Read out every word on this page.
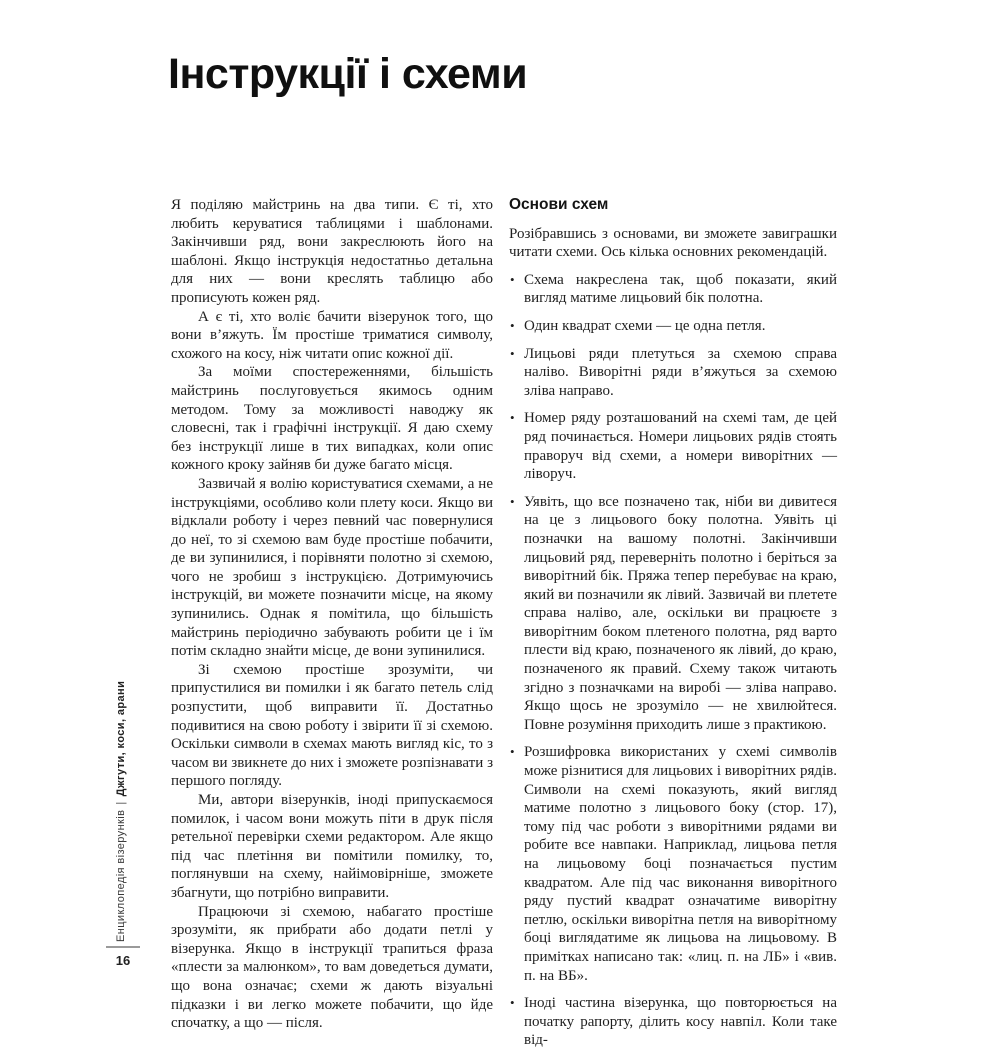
Інструкції і схеми

Я поділяю майстринь на два типи. Є ті, хто любить керуватися таблицями і шаблонами. Закінчивши ряд, вони закреслюють його на шаблоні. Якщо інструкція недостатньо детальна для них — вони креслять таблицю або прописують кожен ряд.

А є ті, хто воліє бачити візерунок того, що вони в’яжуть. Їм простіше триматися символу, схожого на косу, ніж читати опис кожної дії.

За моїми спостереженнями, більшість майстринь послуговується якимось одним методом. Тому за можливості наводжу як словесні, так і графічні інструкції. Я даю схему без інструкції лише в тих випадках, коли опис кожного кроку зайняв би дуже багато місця.

Зазвичай я волію користуватися схемами, а не інструкціями, особливо коли плету коси. Якщо ви відклали роботу і через певний час повернулися до неї, то зі схемою вам буде простіше побачити, де ви зупинилися, і порівняти полотно зі схемою, чого не зробиш з інструкцією. Дотримуючись інструкцій, ви можете позначити місце, на якому зупинились. Однак я помітила, що більшість майстринь періодично забувають робити це і їм потім складно знайти місце, де вони зупинилися.

Зі схемою простіше зрозуміти, чи припустилися ви помилки і як багато петель слід розпустити, щоб виправити її. Достатньо подивитися на свою роботу і звірити її зі схемою. Оскільки символи в схемах мають вигляд кіс, то з часом ви звикнете до них і зможете розпізнавати з першого погляду.

Ми, автори візерунків, іноді припускаємося помилок, і часом вони можуть піти в друк після ретельної перевірки схеми редактором. Але якщо під час плетіння ви помітили помилку, то, поглянувши на схему, найімовірніше, зможете збагнути, що потрібно виправити.

Працюючи зі схемою, набагато простіше зрозуміти, як прибрати або додати петлі у візерунка. Якщо в інструкції трапиться фраза «плести за малюнком», то вам доведеться думати, що вона означає; схеми ж дають візуальні підказки і ви легко можете побачити, що йде спочатку, а що — після.

Основи схем

Розібравшись з основами, ви зможете завиграшки читати схеми. Ось кілька основних рекомендацій.

• Схема накреслена так, щоб показати, який вигляд матиме лицьовий бік полотна.
• Один квадрат схеми — це одна петля.
• Лицьові ряди плетуться за схемою справа наліво. Виворітні ряди в’яжуться за схемою зліва направо.
• Номер ряду розташований на схемі там, де цей ряд починається. Номери лицьових рядів стоять праворуч від схеми, а номери виворітних — ліворуч.
• Уявіть, що все позначено так, ніби ви дивитеся на це з лицьового боку полотна. Уявіть ці позначки на вашому полотні. Закінчивши лицьовий ряд, переверніть полотно і беріться за виворітний бік. Пряжа тепер перебуває на краю, який ви позначили як лівий. Зазвичай ви плетете справа наліво, але, оскільки ви працюєте з виворітним боком плетеного полотна, ряд варто плести від краю, позначеного як лівий, до краю, позначеного як правий. Схему також читають згідно з позначками на виробі — зліва направо. Якщо щось не зрозуміло — не хвилюйтеся. Повне розуміння приходить лише з практикою.
• Розшифровка використаних у схемі символів може різнитися для лицьових і виворітних рядів. Символи на схемі показують, який вигляд матиме полотно з лицьового боку (стор. 17), тому під час роботи з виворітними рядами ви робите все навпаки. Наприклад, лицьова петля на лицьовому боці позначається пустим квадратом. Але під час виконання виворітного ряду пустий квадрат означатиме виворітну петлю, оскільки виворітна петля на виворітному боці виглядатиме як лицьова на лицьовому. В примітках написано так: «лиц. п. на ЛБ» і «вив. п. на ВБ».
• Іноді частина візерунка, що повторюється на початку рапорту, ділить косу навпіл. Коли таке від-
Енциклопедія візерунків|Джгути, коси, арани
16
